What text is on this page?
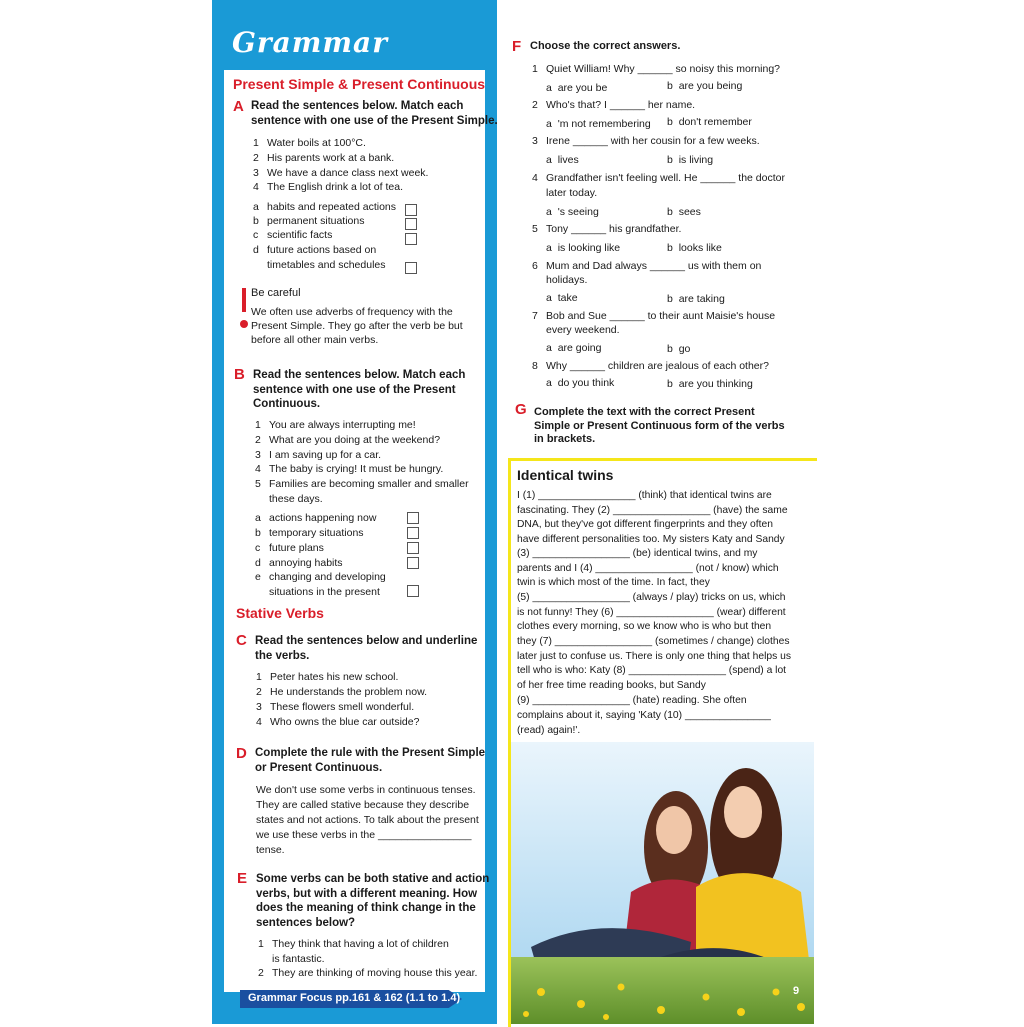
Grammar
Present Simple & Present Continuous
A Read the sentences below. Match each
sentence with one use of the Present Simple.
1 Water boils at 100°C.
2 His parents work at a bank.
3 We have a dance class next week.
4 The English drink a lot of tea.
a habits and repeated actions
b permanent situations
c scientific facts
d future actions based on
timetables and schedules
Be careful
We often use adverbs of frequency with the
Present Simple. They go after the verb be but
before all other main verbs.
B Read the sentences below. Match each
sentence with one use of the Present
Continuous.
1 You are always interrupting me!
2 What are you doing at the weekend?
3 I am saving up for a car.
4 The baby is crying! It must be hungry.
5 Families are becoming smaller and smaller
these days.
a actions happening now
b temporary situations
c future plans
d annoying habits
e changing and developing
situations in the present
Stative Verbs
C Read the sentences below and underline
the verbs.
1 Peter hates his new school.
2 He understands the problem now.
3 These flowers smell wonderful.
4 Who owns the blue car outside?
D Complete the rule with the Present Simple
or Present Continuous.
We don't use some verbs in continuous tenses.
They are called stative because they describe
states and not actions. To talk about the present
we use these verbs in the ________________
tense.
E Some verbs can be both stative and action
verbs, but with a different meaning. How
does the meaning of think change in the
sentences below?
1 They think that having a lot of children
is fantastic.
2 They are thinking of moving house this year.
Grammar Focus pp.161 & 162 (1.1 to 1.4)
F Choose the correct answers.
1 Quiet William! Why ______ so noisy this morning?
a  are you be	b  are you being
2 Who's that? I ______ her name.
a  'm not remembering b  don't remember
3 Irene ______ with her cousin for a few weeks.
a  lives	b  is living
4 Grandfather isn't feeling well. He ______ the doctor
later today.
a  's seeing	b  sees
5 Tony ______ his grandfather.
a  is looking like	b  looks like
6 Mum and Dad always ______ us with them on
holidays.
a  take	b  are taking
7 Bob and Sue ______ to their aunt Maisie's house
every weekend.
a  are going	b  go
8 Why ______ children are jealous of each other?
a  do you think	b  are you thinking
G Complete the text with the correct Present
Simple or Present Continuous form of the verbs
in brackets.
Identical twins
I (1) _________________ (think) that identical twins are
fascinating. They (2) _________________ (have) the same
DNA, but they've got different fingerprints and they often
have different personalities too. My sisters Katy and Sandy
(3) _________________ (be) identical twins, and my
parents and I (4) _________________ (not / know) which
twin is which most of the time. In fact, they
(5) _________________ (always / play) tricks on us, which
is not funny! They (6) _________________ (wear) different
clothes every morning, so we know who is who but then
they (7) _________________ (sometimes / change) clothes
later just to confuse us. There is only one thing that helps us
tell who is who: Katy (8) _________________ (spend) a lot
of her free time reading books, but Sandy
(9) _________________ (hate) reading. She often
complains about it, saying 'Katy (10) _______________
(read) again!'.
9
